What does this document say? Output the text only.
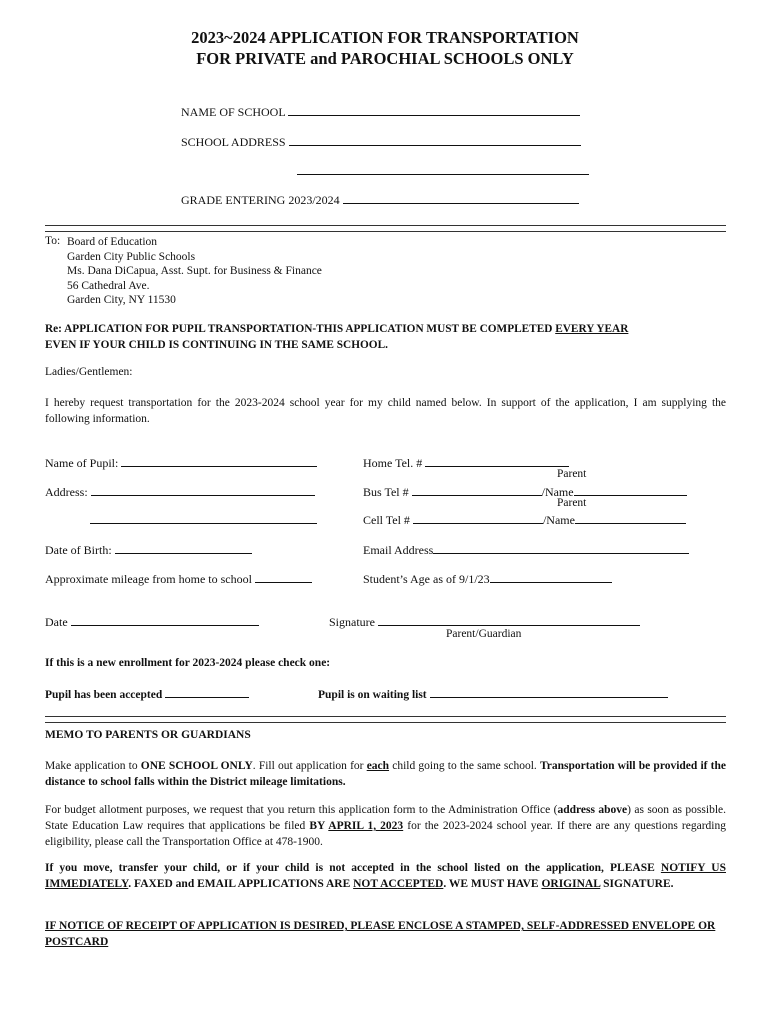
2023~2024 APPLICATION FOR TRANSPORTATION
FOR PRIVATE and PAROCHIAL SCHOOLS ONLY
NAME OF SCHOOL
SCHOOL ADDRESS
GRADE ENTERING 2023/2024
To: Board of Education
Garden City Public Schools
Ms. Dana DiCapua, Asst. Supt. for Business & Finance
56 Cathedral Ave.
Garden City, NY 11530
Re: APPLICATION FOR PUPIL TRANSPORTATION-THIS APPLICATION MUST BE COMPLETED EVERY YEAR
EVEN IF YOUR CHILD IS CONTINUING IN THE SAME SCHOOL.
Ladies/Gentlemen:
I hereby request transportation for the 2023-2024 school year for my child named below. In support of the application, I am supplying the following information.
Name of Pupil:
Address:
Date of Birth:
Approximate mileage from home to school
Home Tel. #
Parent
Bus Tel #	/Name
Parent
Cell Tel #	/Name
Email Address
Student’s Age as of 9/1/23
Date	Signature
Parent/Guardian
If this is a new enrollment for 2023-2024 please check one:
Pupil has been accepted	Pupil is on waiting list
MEMO TO PARENTS OR GUARDIANS
Make application to ONE SCHOOL ONLY. Fill out application for each child going to the same school. Transportation will be provided if the distance to school falls within the District mileage limitations.
For budget allotment purposes, we request that you return this application form to the Administration Office (address above) as soon as possible. State Education Law requires that applications be filed BY APRIL 1, 2023 for the 2023-2024 school year. If there are any questions regarding eligibility, please call the Transportation Office at 478-1900.
If you move, transfer your child, or if your child is not accepted in the school listed on the application, PLEASE NOTIFY US IMMEDIATELY. FAXED and EMAIL APPLICATIONS ARE NOT ACCEPTED. WE MUST HAVE ORIGINAL SIGNATURE.
IF NOTICE OF RECEIPT OF APPLICATION IS DESIRED, PLEASE ENCLOSE A STAMPED, SELF-ADDRESSED ENVELOPE OR POSTCARD
